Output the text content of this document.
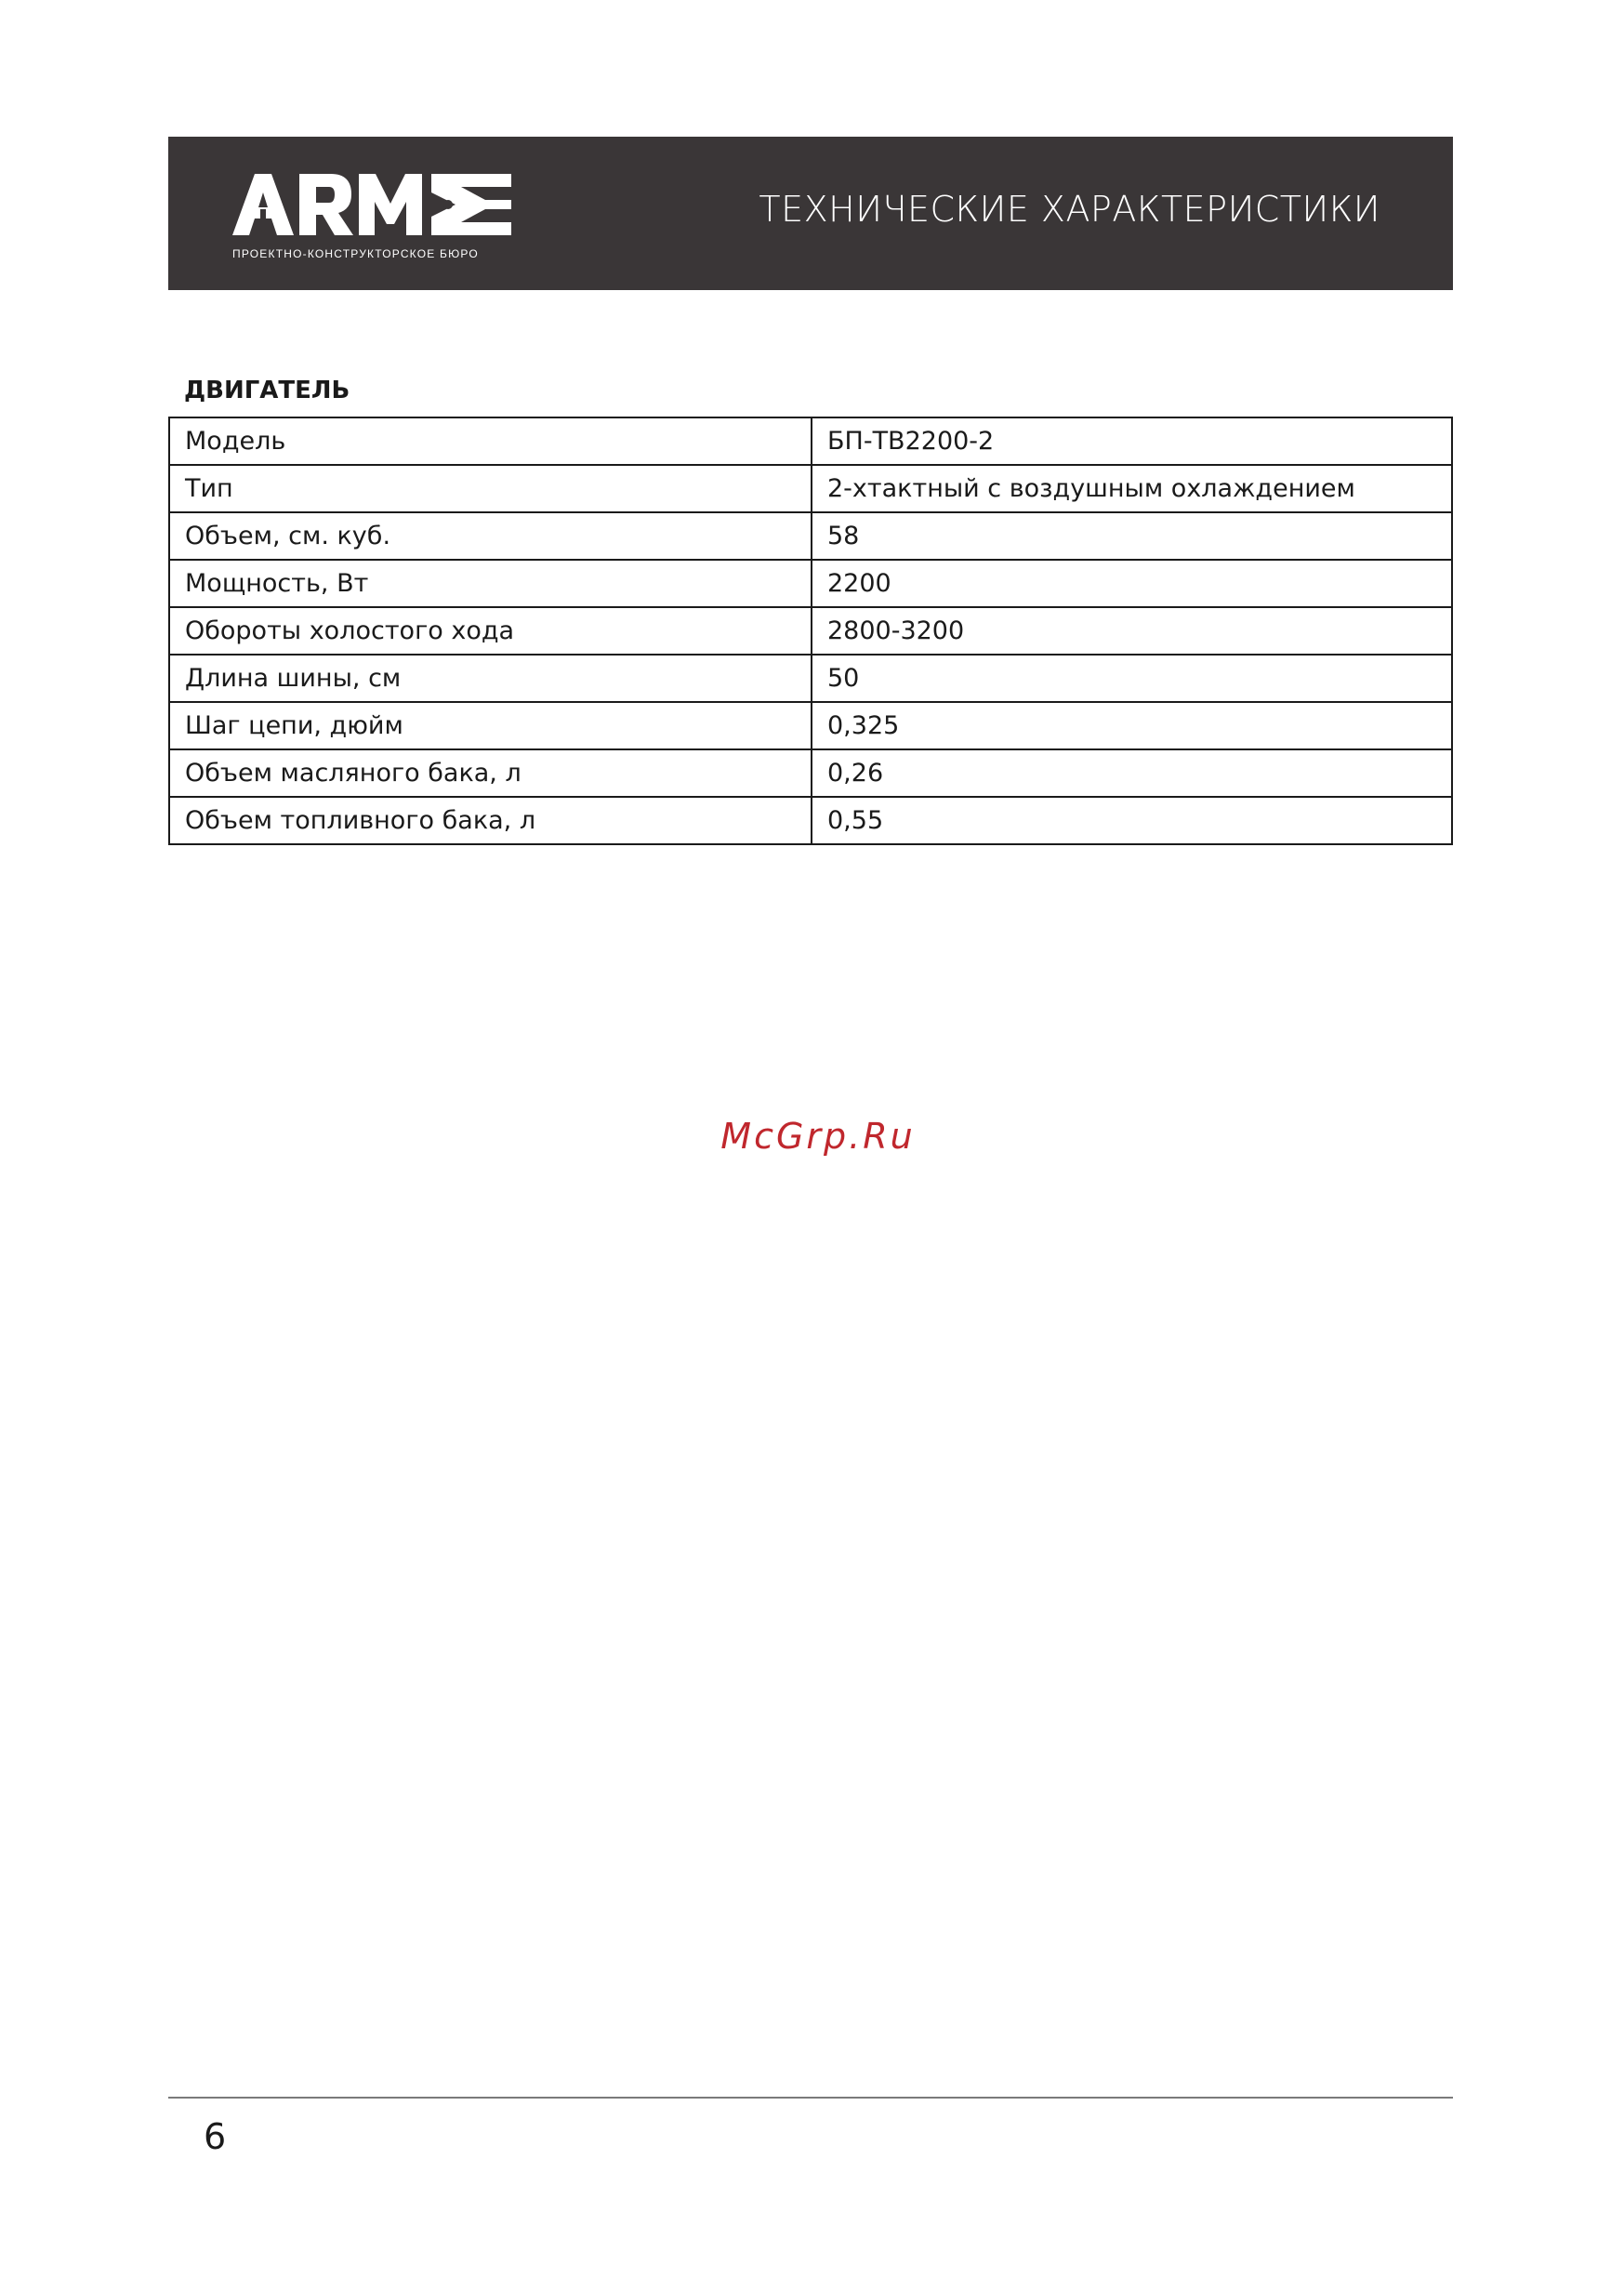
ПРОЕКТНО-КОНСТРУКТОРСКОЕ БЮРО
ТЕХНИЧЕСКИЕ ХАРАКТЕРИСТИКИ
ДВИГАТЕЛЬ
Модель	БП-ТВ2200-2
Тип	2-хтактный с воздушным охлаждением
Объем, см. куб.	58
Мощность, Вт	2200
Обороты холостого хода	2800-3200
Длина шины, см	50
Шаг цепи, дюйм	0,325
Объем масляного бака, л	0,26
Объем топливного бака, л	0,55
McGrp.Ru
6
